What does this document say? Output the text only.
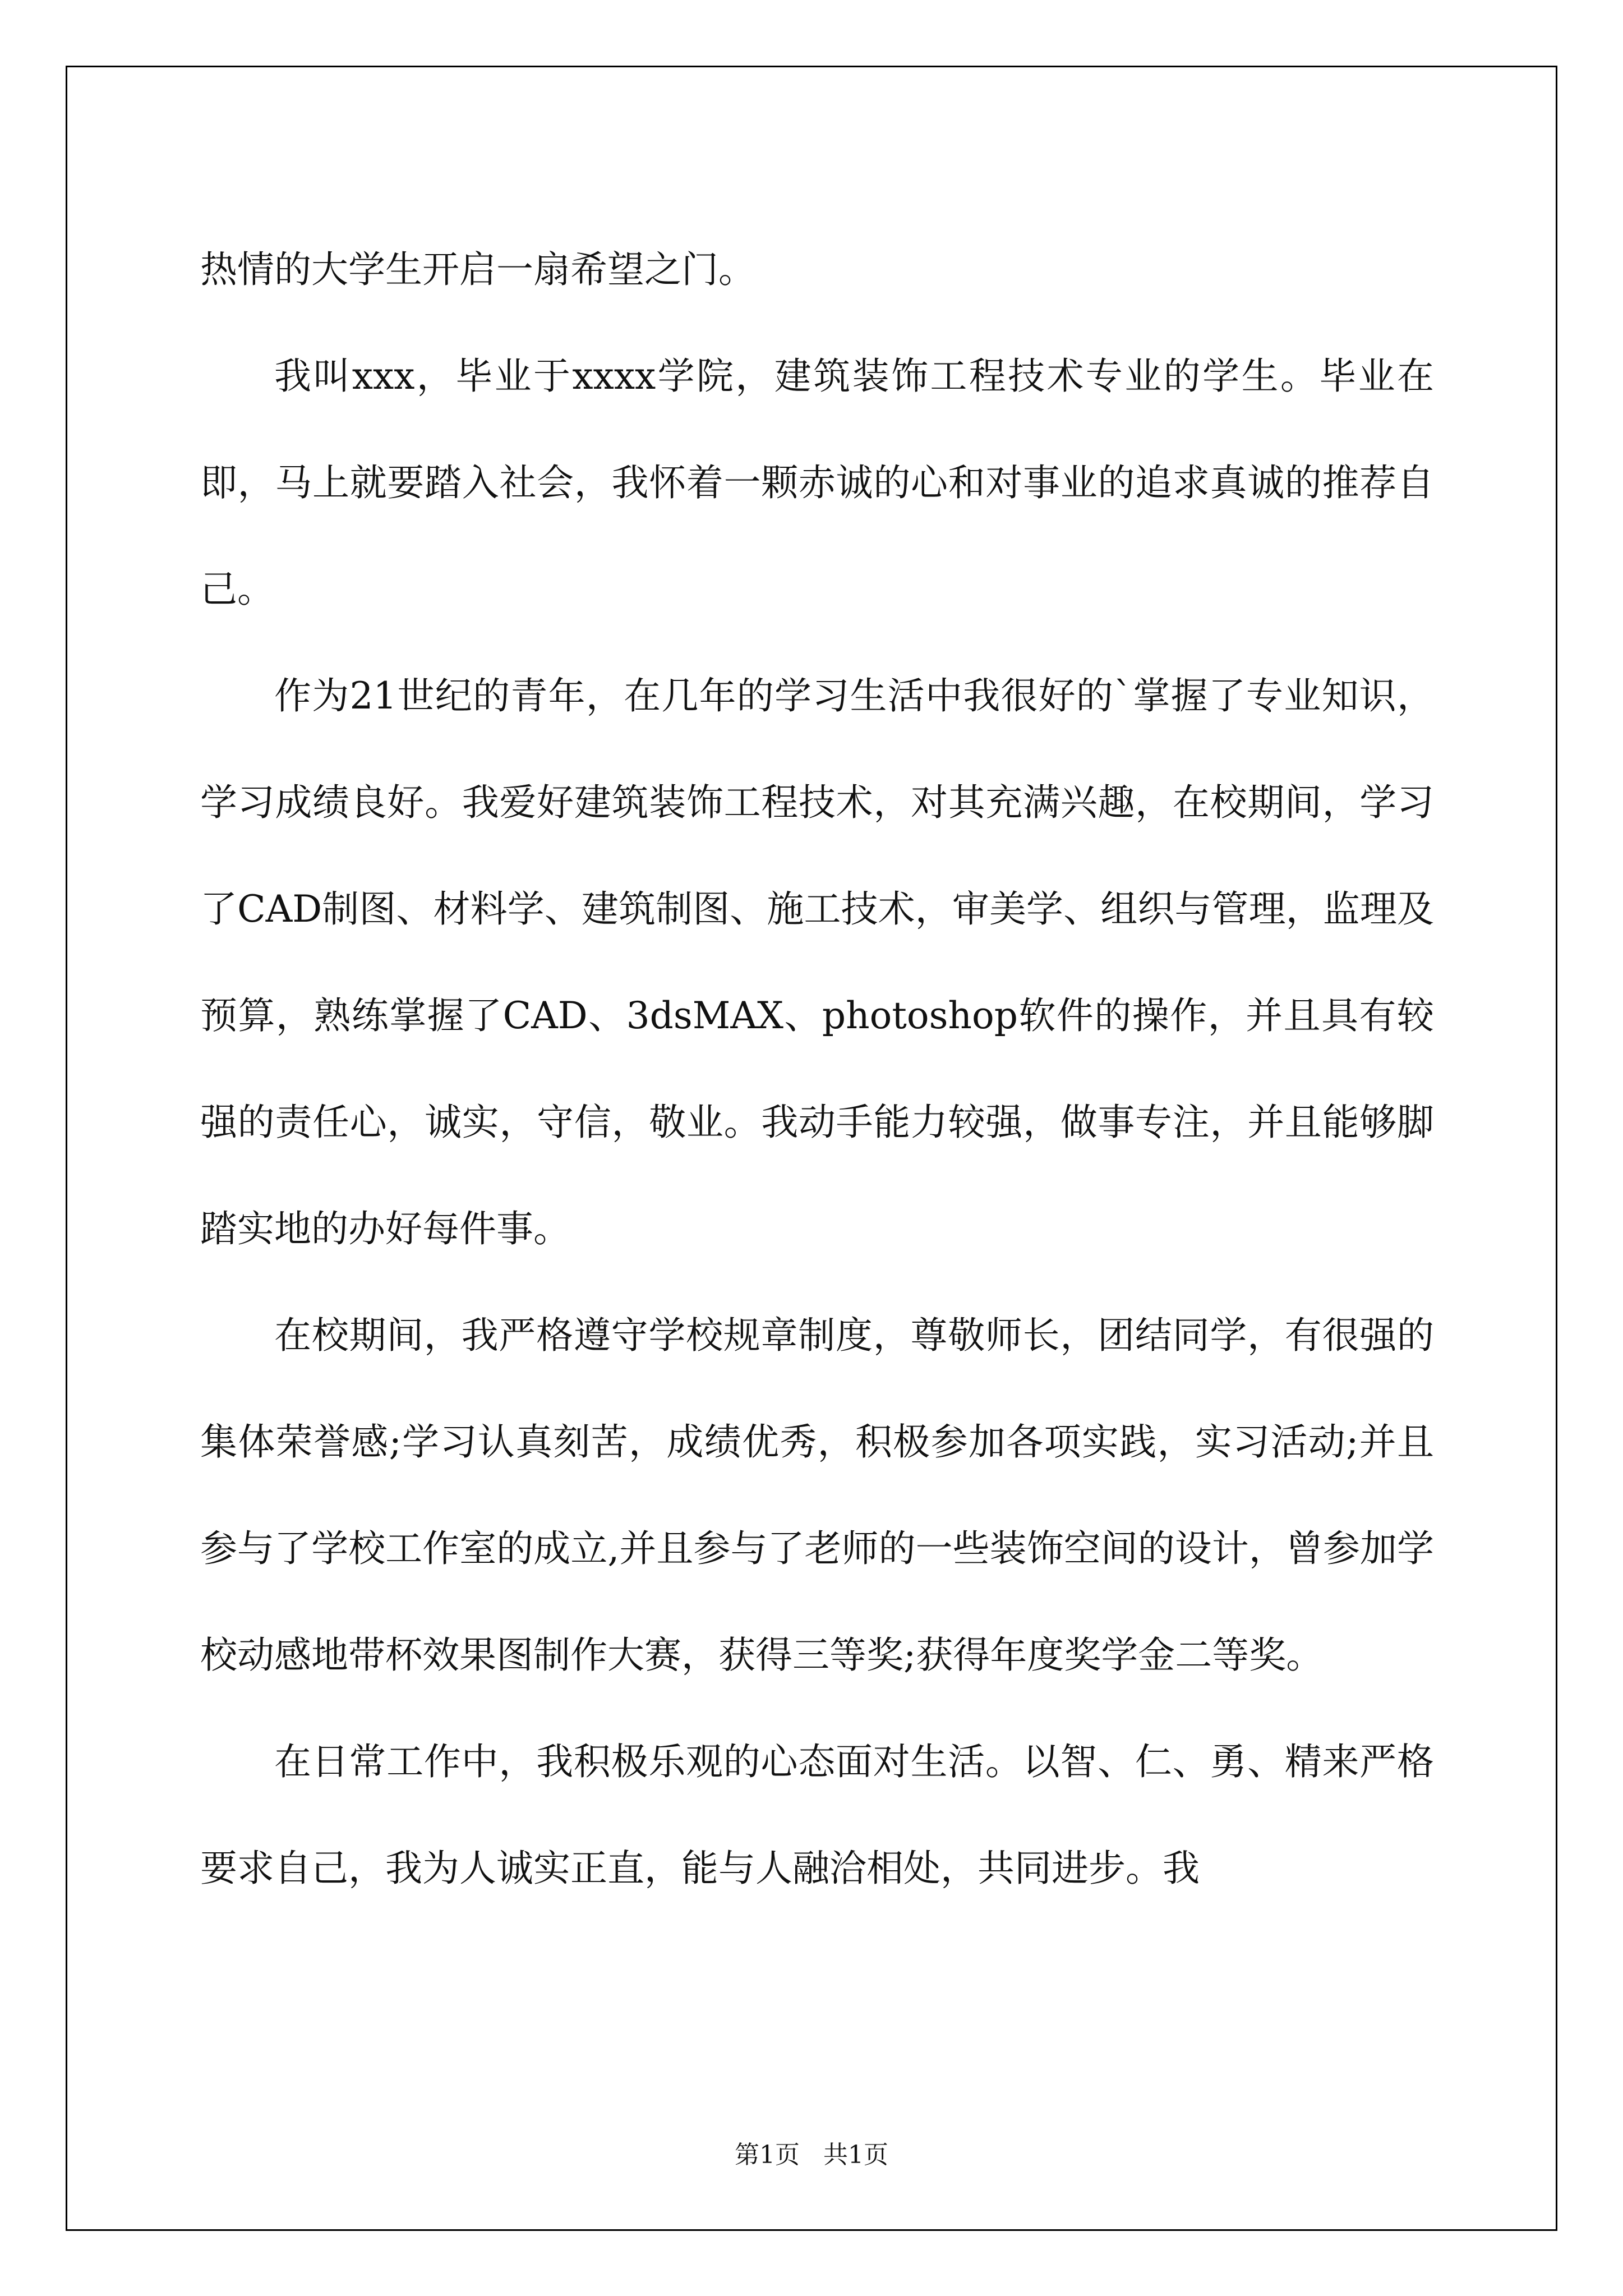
热情的大学生开启一扇希望之门。

我叫xxx，毕业于xxxx学院，建筑装饰工程技术专业的学生。毕业在即，马上就要踏入社会，我怀着一颗赤诚的心和对事业的追求真诚的推荐自己。

作为21世纪的青年，在几年的学习生活中我很好的`掌握了专业知识，学习成绩良好。我爱好建筑装饰工程技术，对其充满兴趣，在校期间，学习了CAD制图、材料学、建筑制图、施工技术，审美学、组织与管理，监理及预算，熟练掌握了CAD、3dsMAX、photoshop软件的操作，并且具有较强的责任心，诚实，守信，敬业。我动手能力较强，做事专注，并且能够脚踏实地的办好每件事。

在校期间，我严格遵守学校规章制度，尊敬师长，团结同学，有很强的集体荣誉感;学习认真刻苦，成绩优秀，积极参加各项实践，实习活动;并且参与了学校工作室的成立,并且参与了老师的一些装饰空间的设计，曾参加学校动感地带杯效果图制作大赛，获得三等奖;获得年度奖学金二等奖。

在日常工作中，我积极乐观的心态面对生活。以智、仁、勇、精来严格要求自己，我为人诚实正直，能与人融洽相处，共同进步。我

第1页 共1页
